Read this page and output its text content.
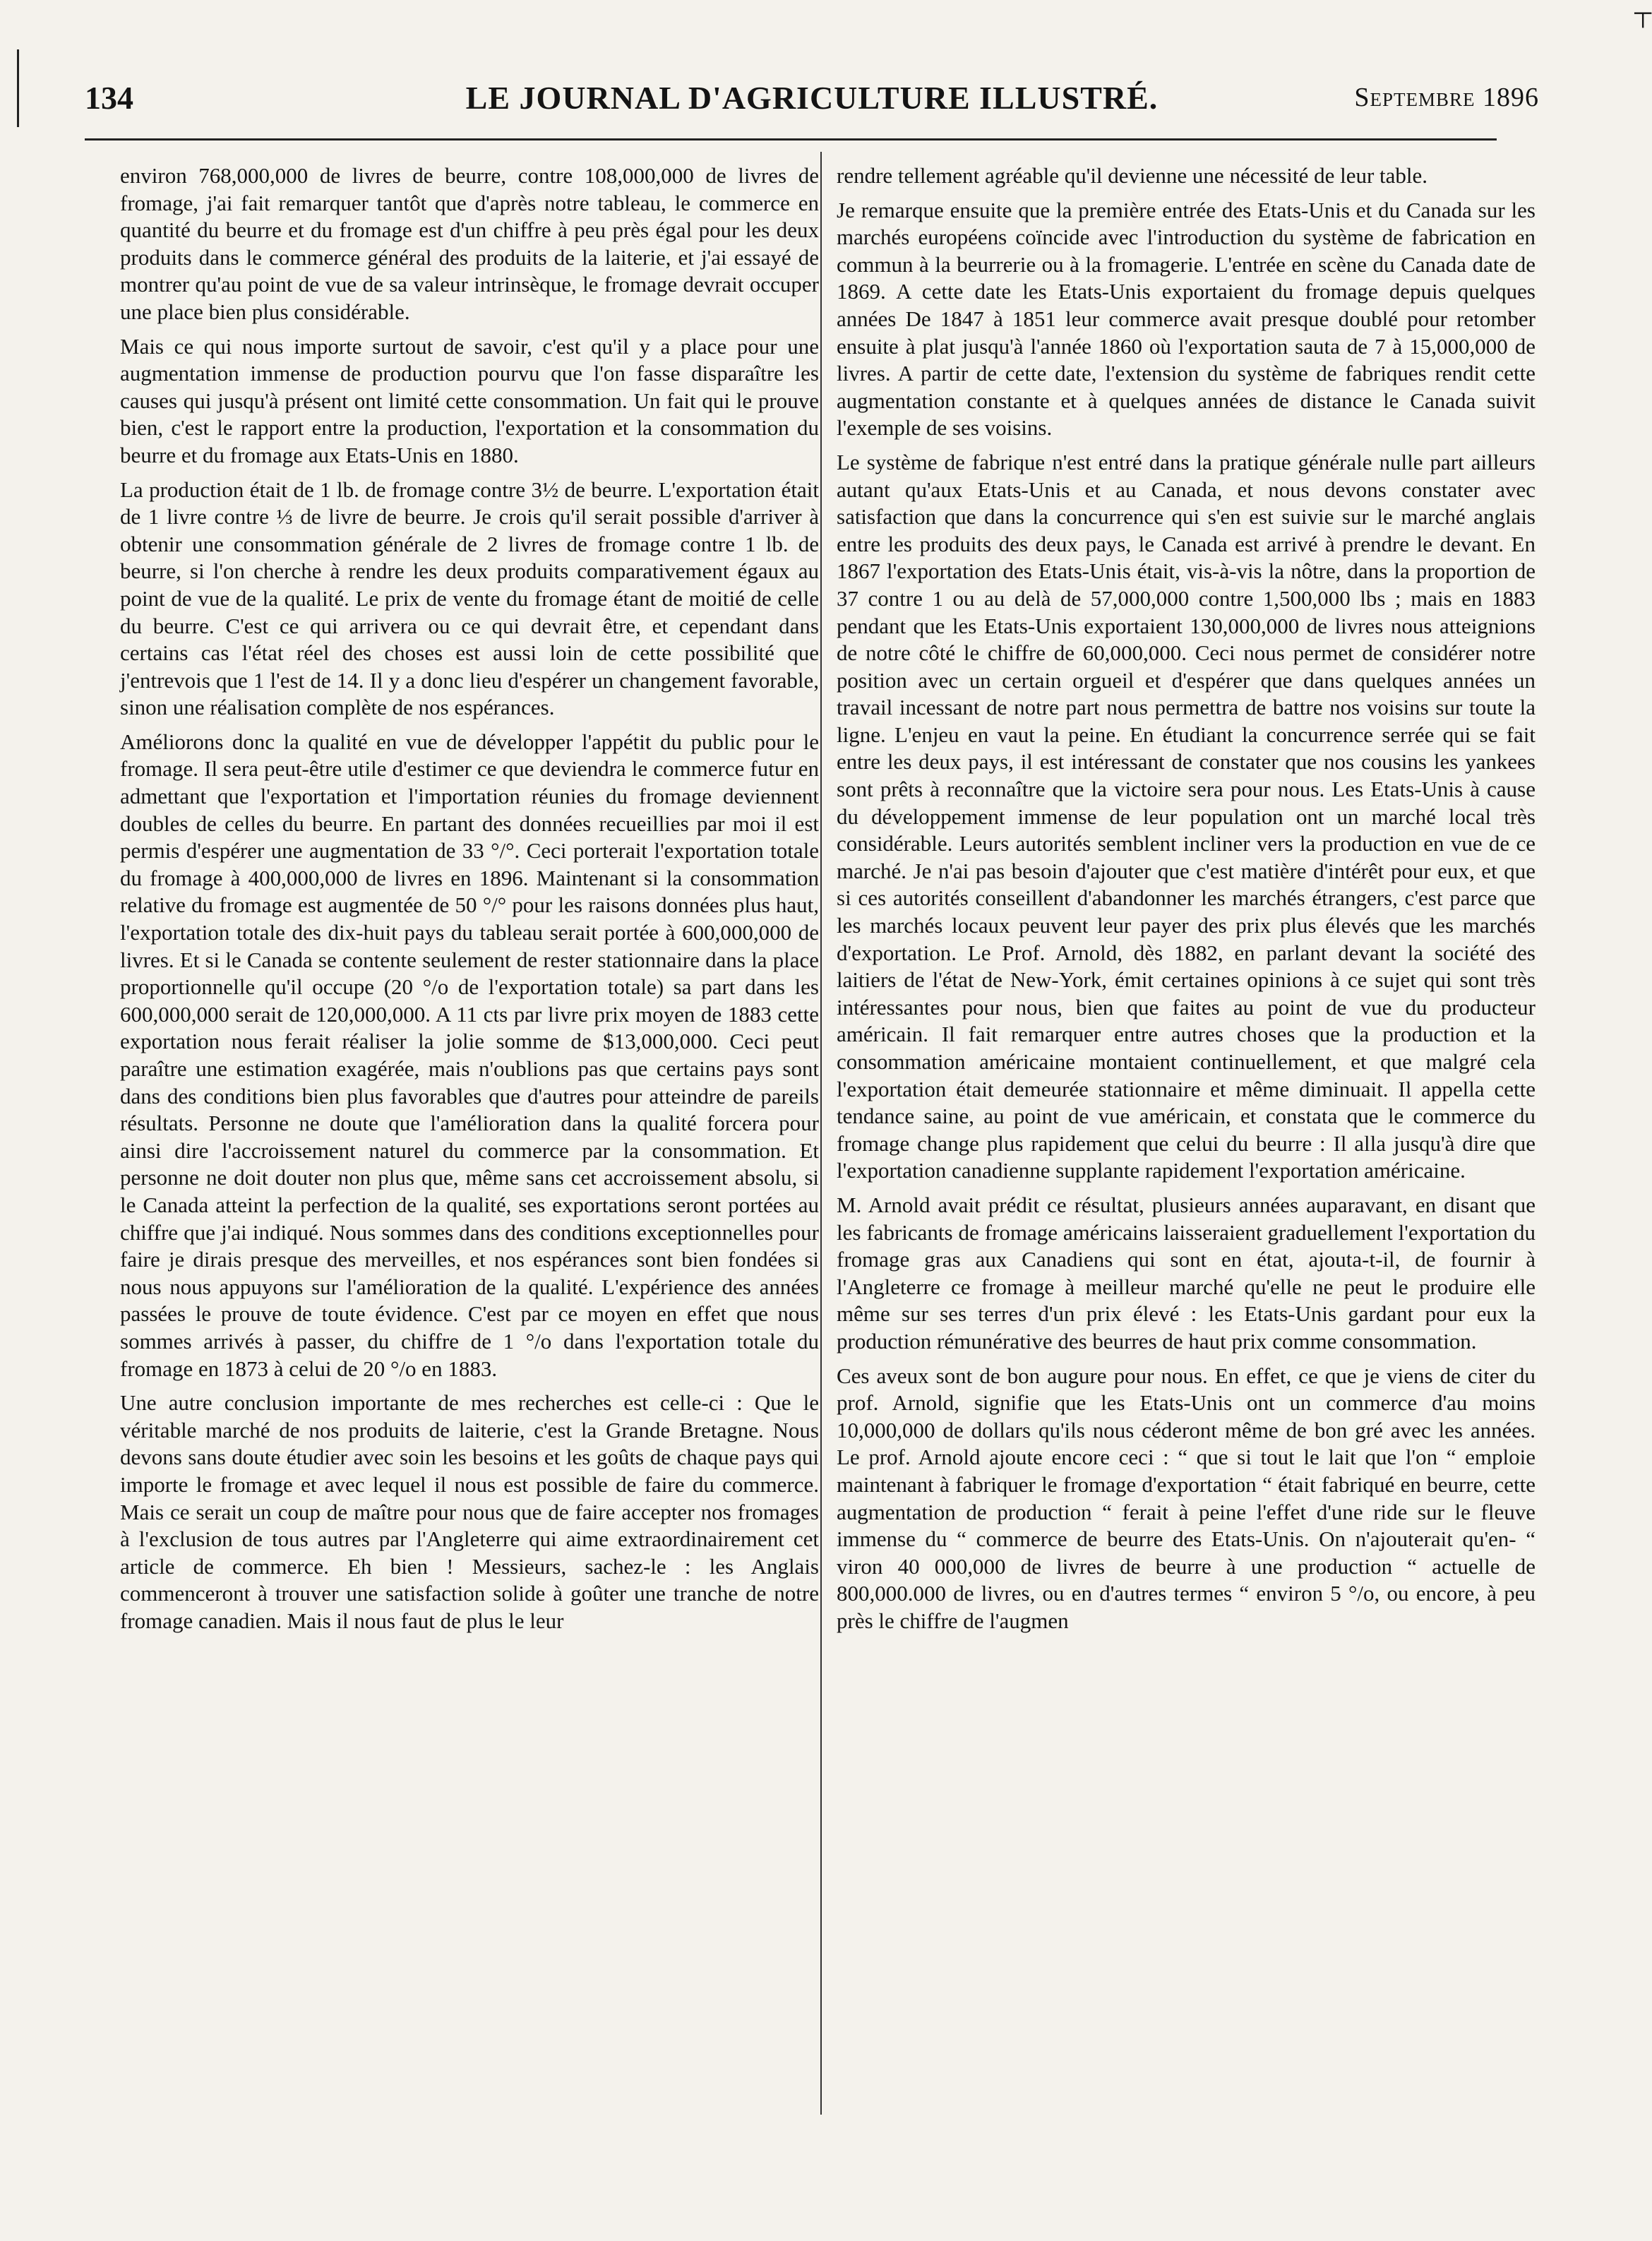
┬
134	LE JOURNAL D'AGRICULTURE ILLUSTRÉ.	Septembre 1896

environ 768,000,000 de livres de beurre, contre 108,000,000 de livres de fromage, j'ai fait remarquer tantôt que d'après notre tableau, le commerce en quantité du beurre et du fromage est d'un chiffre à peu près égal pour les deux produits dans le commerce général des produits de la laiterie, et j'ai essayé de montrer qu'au point de vue de sa valeur intrinsèque, le fromage devrait occuper une place bien plus considérable.

Mais ce qui nous importe surtout de savoir, c'est qu'il y a place pour une augmentation immense de production pourvu que l'on fasse disparaître les causes qui jusqu'à présent ont limité cette consommation. Un fait qui le prouve bien, c'est le rapport entre la production, l'exportation et la consommation du beurre et du fromage aux Etats-Unis en 1880.

La production était de 1 lb. de fromage contre 3½ de beurre. L'exportation était de 1 livre contre ⅓ de livre de beurre. Je crois qu'il serait possible d'arriver à obtenir une consommation générale de 2 livres de fromage contre 1 lb. de beurre, si l'on cherche à rendre les deux produits comparativement égaux au point de vue de la qualité. Le prix de vente du fromage étant de moitié de celle du beurre. C'est ce qui arrivera ou ce qui devrait être, et cependant dans certains cas l'état réel des choses est aussi loin de cette possibilité que j'entrevois que 1 l'est de 14. Il y a donc lieu d'espérer un changement favorable, sinon une réalisation complète de nos espérances.

Améliorons donc la qualité en vue de développer l'appétit du public pour le fromage. Il sera peut-être utile d'estimer ce que deviendra le commerce futur en admettant que l'exportation et l'importation réunies du fromage deviennent doubles de celles du beurre. En partant des données recueillies par moi il est permis d'espérer une augmentation de 33 °/°. Ceci porterait l'exportation totale du fromage à 400,000,000 de livres en 1896. Maintenant si la consommation relative du fromage est augmentée de 50 °/° pour les raisons données plus haut, l'exportation totale des dix-huit pays du tableau serait portée à 600,000,000 de livres. Et si le Canada se contente seulement de rester stationnaire dans la place proportionnelle qu'il occupe (20 °/o de l'exportation totale) sa part dans les 600,000,000 serait de 120,000,000. A 11 cts par livre prix moyen de 1883 cette exportation nous ferait réaliser la jolie somme de $13,000,000. Ceci peut paraître une estimation exagérée, mais n'oublions pas que certains pays sont dans des conditions bien plus favorables que d'autres pour atteindre de pareils résultats. Personne ne doute que l'amélioration dans la qualité forcera pour ainsi dire l'accroissement naturel du commerce par la consommation. Et personne ne doit douter non plus que, même sans cet accroissement absolu, si le Canada atteint la perfection de la qualité, ses exportations seront portées au chiffre que j'ai indiqué. Nous sommes dans des conditions exceptionnelles pour faire je dirais presque des merveilles, et nos espérances sont bien fondées si nous nous appuyons sur l'amélioration de la qualité. L'expérience des années passées le prouve de toute évidence. C'est par ce moyen en effet que nous sommes arrivés à passer, du chiffre de 1 °/o dans l'exportation totale du fromage en 1873 à celui de 20 °/o en 1883.

Une autre conclusion importante de mes recherches est celle-ci : Que le véritable marché de nos produits de laiterie, c'est la Grande Bretagne. Nous devons sans doute étudier avec soin les besoins et les goûts de chaque pays qui importe le fromage et avec lequel il nous est possible de faire du commerce. Mais ce serait un coup de maître pour nous que de faire accepter nos fromages à l'exclusion de tous autres par l'Angleterre qui aime extraordinairement cet article de commerce. Eh bien ! Messieurs, sachez-le : les Anglais commenceront à trouver une satisfaction solide à goûter une tranche de notre fromage canadien. Mais il nous faut de plus le leur

rendre tellement agréable qu'il devienne une nécessité de leur table.

Je remarque ensuite que la première entrée des Etats-Unis et du Canada sur les marchés européens coïncide avec l'introduction du système de fabrication en commun à la beurrerie ou à la fromagerie. L'entrée en scène du Canada date de 1869. A cette date les Etats-Unis exportaient du fromage depuis quelques années De 1847 à 1851 leur commerce avait presque doublé pour retomber ensuite à plat jusqu'à l'année 1860 où l'exportation sauta de 7 à 15,000,000 de livres. A partir de cette date, l'extension du système de fabriques rendit cette augmentation constante et à quelques années de distance le Canada suivit l'exemple de ses voisins.

Le système de fabrique n'est entré dans la pratique générale nulle part ailleurs autant qu'aux Etats-Unis et au Canada, et nous devons constater avec satisfaction que dans la concurrence qui s'en est suivie sur le marché anglais entre les produits des deux pays, le Canada est arrivé à prendre le devant. En 1867 l'exportation des Etats-Unis était, vis-à-vis la nôtre, dans la proportion de 37 contre 1 ou au delà de 57,000,000 contre 1,500,000 lbs ; mais en 1883 pendant que les Etats-Unis exportaient 130,000,000 de livres nous atteignions de notre côté le chiffre de 60,000,000. Ceci nous permet de considérer notre position avec un certain orgueil et d'espérer que dans quelques années un travail incessant de notre part nous permettra de battre nos voisins sur toute la ligne. L'enjeu en vaut la peine. En étudiant la concurrence serrée qui se fait entre les deux pays, il est intéressant de constater que nos cousins les yankees sont prêts à reconnaître que la victoire sera pour nous. Les Etats-Unis à cause du développement immense de leur population ont un marché local très considérable. Leurs autorités semblent incliner vers la production en vue de ce marché. Je n'ai pas besoin d'ajouter que c'est matière d'intérêt pour eux, et que si ces autorités conseillent d'abandonner les marchés étrangers, c'est parce que les marchés locaux peuvent leur payer des prix plus élevés que les marchés d'exportation. Le Prof. Arnold, dès 1882, en parlant devant la société des laitiers de l'état de New-York, émit certaines opinions à ce sujet qui sont très intéressantes pour nous, bien que faites au point de vue du producteur américain. Il fait remarquer entre autres choses que la production et la consommation américaine montaient continuellement, et que malgré cela l'exportation était demeurée stationnaire et même diminuait. Il appella cette tendance saine, au point de vue américain, et constata que le commerce du fromage change plus rapidement que celui du beurre : Il alla jusqu'à dire que l'exportation canadienne supplante rapidement l'exportation américaine.

M. Arnold avait prédit ce résultat, plusieurs années auparavant, en disant que les fabricants de fromage américains laisseraient graduellement l'exportation du fromage gras aux Canadiens qui sont en état, ajouta-t-il, de fournir à l'Angleterre ce fromage à meilleur marché qu'elle ne peut le produire elle même sur ses terres d'un prix élevé : les Etats-Unis gardant pour eux la production rémunérative des beurres de haut prix comme consommation.

Ces aveux sont de bon augure pour nous. En effet, ce que je viens de citer du prof. Arnold, signifie que les Etats-Unis ont un commerce d'au moins 10,000,000 de dollars qu'ils nous céderont même de bon gré avec les années. Le prof. Arnold ajoute encore ceci : “ que si tout le lait que l'on “ emploie maintenant à fabriquer le fromage d'exportation “ était fabriqué en beurre, cette augmentation de production “ ferait à peine l'effet d'une ride sur le fleuve immense du “ commerce de beurre des Etats-Unis. On n'ajouterait qu'en- “ viron 40 000,000 de livres de beurre à une production “ actuelle de 800,000.000 de livres, ou en d'autres termes “ environ 5 °/o, ou encore, à peu près le chiffre de l'augmen
